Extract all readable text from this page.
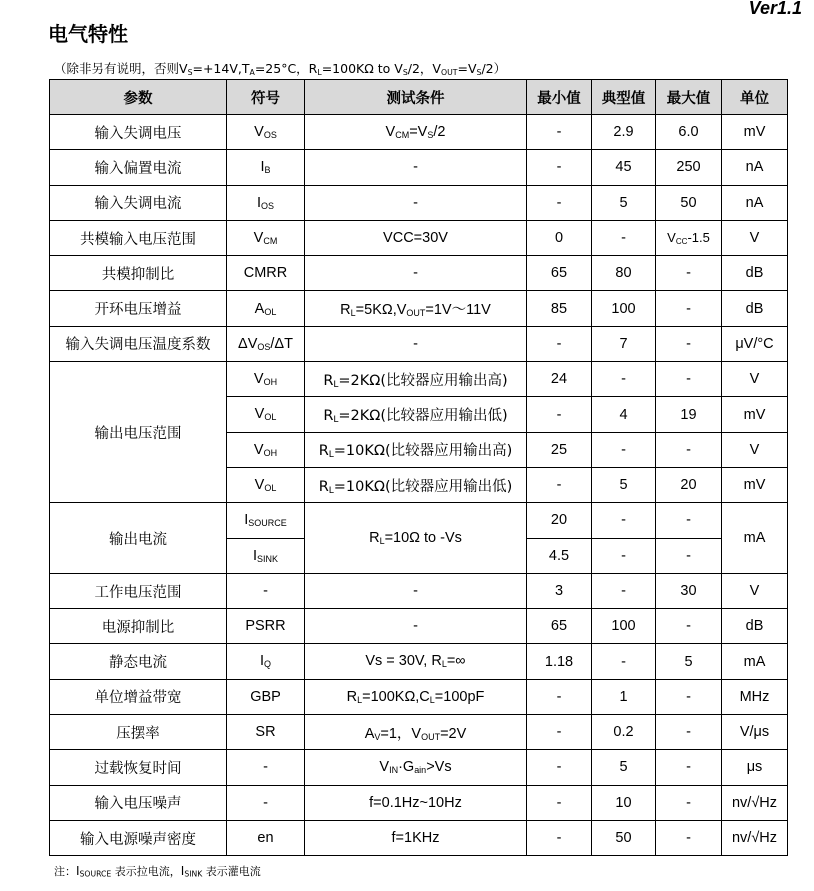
Ver1.1
电气特性
（除非另有说明，否则$V_S=+14V,T_A=25^\circ C$，$R_L=100K\Omega$ to $V_S/2$，$V_{OUT}=V_S/2$）
参数	符号	测试条件	最小值	典型值	最大值	单位
输入失调电压	$V_{OS}$	$V_{CM}=V_S/2$	-	2.9	6.0	mV
输入偏置电流	$I_B$	-	-	45	250	nA
输入失调电流	$I_{OS}$	-	-	5	50	nA
共模输入电压范围	$V_{CM}$	VCC=30V	0	-	$V_{CC}-1.5$	V
共模抑制比	CMRR	-	65	80	-	dB
开环电压增益	$A_{OL}$	$R_L=5K\Omega,V_{OUT}=1V\sim 11V$	85	100	-	dB
输入失调电压温度系数	$\Delta V_{OS}/\Delta T$	-	-	7	-	μV/°C
输出电压范围	$V_{OH}$	$R_L=2K\Omega$(比较器应用输出高)	24	-	-	V
	$V_{OL}$	$R_L=2K\Omega$(比较器应用输出低)	-	4	19	mV
	$V_{OH}$	$R_L=10K\Omega$(比较器应用输出高)	25	-	-	V
	$V_{OL}$	$R_L=10K\Omega$(比较器应用输出低)	-	5	20	mV
输出电流	$I_{SOURCE}$	$R_L=10\Omega$ to -Vs	20	-	-	mA
	$I_{SINK}$		4.5	-	-	
工作电压范围	-	-	3	-	30	V
电源抑制比	PSRR	-	65	100	-	dB
静态电流	$I_Q$	Vs = 30V, $R_L=\infty$	1.18	-	5	mA
单位增益带宽	GBP	$R_L=100K\Omega,C_L=100pF$	-	1	-	MHz
压摆率	SR	$A_V=1$，$V_{OUT}=2V$	-	0.2	-	V/μs
过载恢复时间	-	$V_{IN}\cdot G_{ain}>Vs$	-	5	-	μs
输入电压噪声	-	f=0.1Hz~10Hz	-	10	-	nv/√Hz
输入电源噪声密度	en	f=1KHz	-	50	-	nv/√Hz
注：$I_{SOURCE}$ 表示拉电流，$I_{SINK}$ 表示灌电流
